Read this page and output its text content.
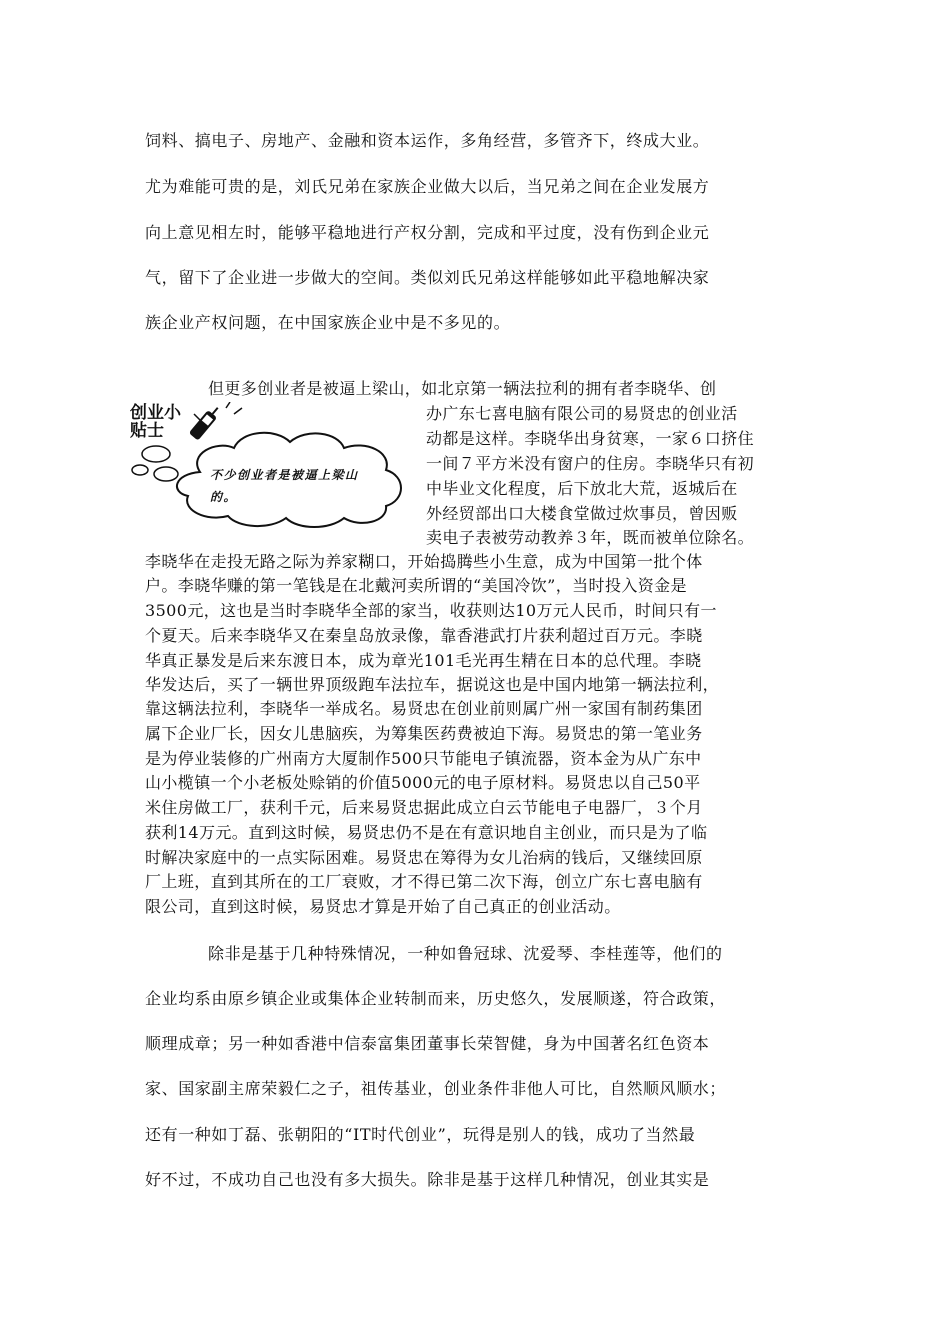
饲料、搞电子、房地产、金融和资本运作，多角经营，多管齐下，终成大业。
尤为难能可贵的是，刘氏兄弟在家族企业做大以后，当兄弟之间在企业发展方
向上意见相左时，能够平稳地进行产权分割，完成和平过度，没有伤到企业元
气，留下了企业进一步做大的空间。类似刘氏兄弟这样能够如此平稳地解决家
族企业产权问题，在中国家族企业中是不多见的。
创业小贴士
不少创业者是被逼上梁山的。
但更多创业者是被逼上梁山，如北京第一辆法拉利的拥有者李晓华、创
办广东七喜电脑有限公司的易贤忠的创业活
动都是这样。李晓华出身贫寒，一家６口挤住
一间７平方米没有窗户的住房。李晓华只有初
中毕业文化程度，后下放北大荒，返城后在
外经贸部出口大楼食堂做过炊事员，曾因贩
卖电子表被劳动教养３年，既而被单位除名。
李晓华在走投无路之际为养家糊口，开始捣腾些小生意，成为中国第一批个体
户。李晓华赚的第一笔钱是在北戴河卖所谓的“美国冷饮”，当时投入资金是
3500元，这也是当时李晓华全部的家当，收获则达10万元人民币，时间只有一
个夏天。后来李晓华又在秦皇岛放录像，靠香港武打片获利超过百万元。李晓
华真正暴发是后来东渡日本，成为章光101毛光再生精在日本的总代理。李晓
华发达后，买了一辆世界顶级跑车法拉车，据说这也是中国内地第一辆法拉利，
靠这辆法拉利，李晓华一举成名。易贤忠在创业前则属广州一家国有制药集团
属下企业厂长，因女儿患脑疾，为筹集医药费被迫下海。易贤忠的第一笔业务
是为停业装修的广州南方大厦制作500只节能电子镇流器，资本金为从广东中
山小榄镇一个小老板处赊销的价值5000元的电子原材料。易贤忠以自己50平
米住房做工厂，获利千元，后来易贤忠据此成立白云节能电子电器厂，３个月
获利14万元。直到这时候，易贤忠仍不是在有意识地自主创业，而只是为了临
时解决家庭中的一点实际困难。易贤忠在筹得为女儿治病的钱后，又继续回原
厂上班，直到其所在的工厂衰败，才不得已第二次下海，创立广东七喜电脑有
限公司，直到这时候，易贤忠才算是开始了自己真正的创业活动。
除非是基于几种特殊情况，一种如鲁冠球、沈爱琴、李桂莲等，他们的
企业均系由原乡镇企业或集体企业转制而来，历史悠久，发展顺遂，符合政策，
顺理成章；另一种如香港中信泰富集团董事长荣智健，身为中国著名红色资本
家、国家副主席荣毅仁之子，祖传基业，创业条件非他人可比，自然顺风顺水；
还有一种如丁磊、张朝阳的“IT时代创业”，玩得是别人的钱，成功了当然最
好不过，不成功自己也没有多大损失。除非是基于这样几种情况，创业其实是
